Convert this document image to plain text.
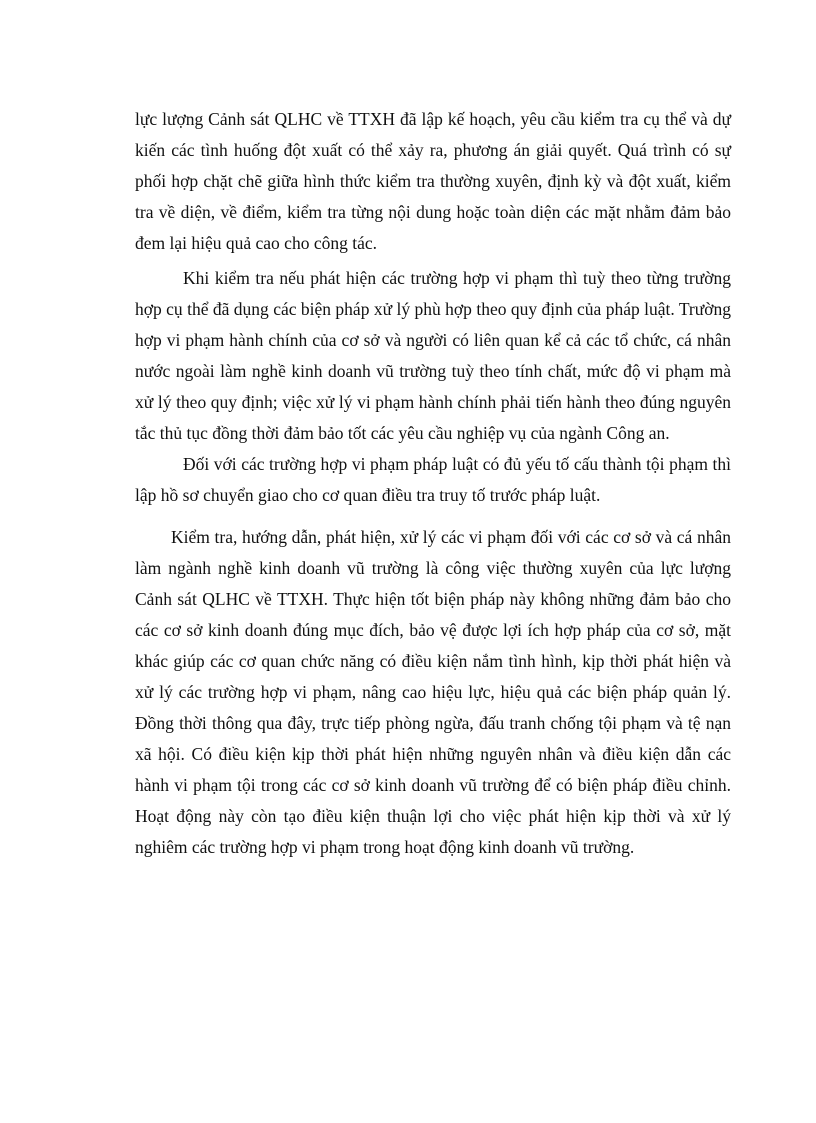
lực lượng Cảnh sát QLHC về TTXH đã lập kế hoạch, yêu cầu kiểm tra cụ thể và dự kiến các tình huống đột xuất có thể xảy ra, phương án giải quyết. Quá trình có sự phối hợp chặt chẽ giữa hình thức kiểm tra thường xuyên, định kỳ và đột xuất, kiểm tra về diện, về điểm, kiểm tra từng nội dung hoặc toàn diện các mặt nhằm đảm bảo đem lại hiệu quả cao cho công tác.

Khi kiểm tra nếu phát hiện các trường hợp vi phạm thì tuỳ theo từng trường hợp cụ thể đã dụng các biện pháp xử lý phù hợp theo quy định của pháp luật. Trường hợp vi phạm hành chính của cơ sở và người có liên quan kể cả các tổ chức, cá nhân nước ngoài làm nghề kinh doanh vũ trường tuỳ theo tính chất, mức độ vi phạm mà xử lý theo quy định; việc xử lý vi phạm hành chính phải tiến hành theo đúng nguyên tắc thủ tục đồng thời đảm bảo tốt các yêu cầu nghiệp vụ của ngành Công an.

Đối với các trường hợp vi phạm pháp luật có đủ yếu tố cấu thành tội phạm thì lập hồ sơ chuyển giao cho cơ quan điều tra truy tố trước pháp luật.

Kiểm tra, hướng dẫn, phát hiện, xử lý các vi phạm đối với các cơ sở và cá nhân làm ngành nghề kinh doanh vũ trường là công việc thường xuyên của lực lượng Cảnh sát QLHC về TTXH. Thực hiện tốt biện pháp này không những đảm bảo cho các cơ sở kinh doanh đúng mục đích, bảo vệ được lợi ích hợp pháp của cơ sở, mặt khác giúp các cơ quan chức năng có điều kiện nắm tình hình, kịp thời phát hiện và xử lý các trường hợp vi phạm, nâng cao hiệu lực, hiệu quả các biện pháp quản lý. Đồng thời thông qua đây, trực tiếp phòng ngừa, đấu tranh chống tội phạm và tệ nạn xã hội. Có điều kiện kịp thời phát hiện những nguyên nhân và điều kiện dẫn các hành vi phạm tội trong các cơ sở kinh doanh vũ trường để có biện pháp điều chỉnh. Hoạt động này còn tạo điều kiện thuận lợi cho việc phát hiện kịp thời và xử lý nghiêm các trường hợp vi phạm trong hoạt động kinh doanh vũ trường.
